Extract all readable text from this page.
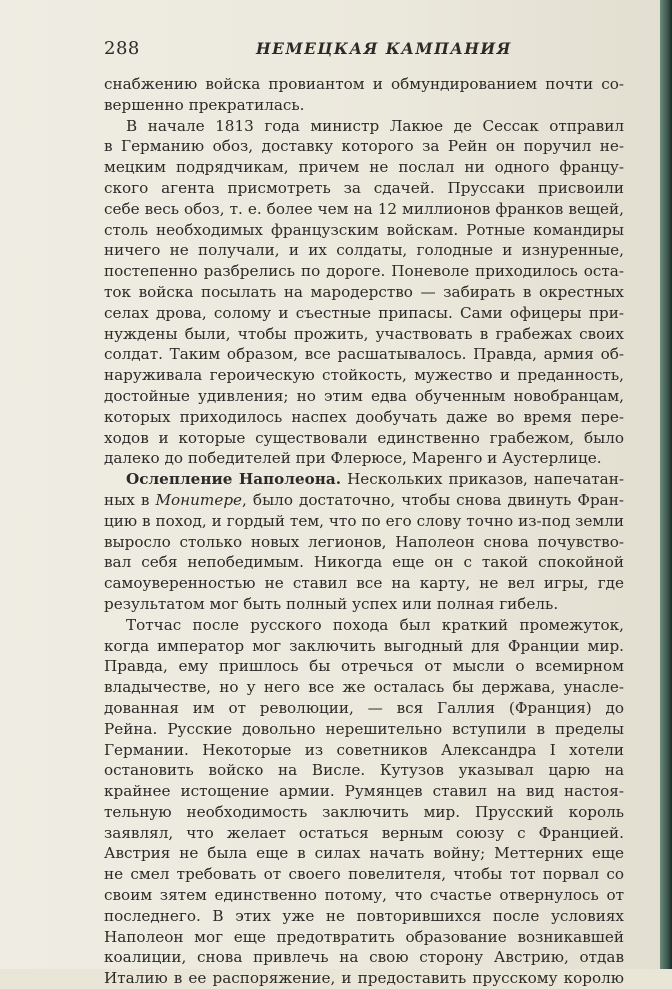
288	НЕМЕЦКАЯ КАМПАНИЯ
снабжению войска провиантом и обмундированием почти со-
вершенно прекратилась.
В начале 1813 года министр Лакюе де Сессак отправил
в Германию обоз, доставку которого за Рейн он поручил не-
мецким подрядчикам, причем не послал ни одного францу-
ского агента присмотреть за сдачей. Пруссаки присвоили
себе весь обоз, т. е. более чем на 12 миллионов франков вещей,
столь необходимых французским войскам. Ротные командиры
ничего не получали, и их солдаты, голодные и изнуренные,
постепенно разбрелись по дороге. Поневоле приходилось оста-
ток войска посылать на мародерство — забирать в окрестных
селах дрова, солому и съестные припасы. Сами офицеры при-
нуждены были, чтобы прожить, участвовать в грабежах своих
солдат. Таким образом, все расшатывалось. Правда, армия об-
наруживала героическую стойкость, мужество и преданность,
достойные удивления; но этим едва обученным новобранцам,
которых приходилось наспех дообучать даже во время пере-
ходов и которые существовали единственно грабежом, было
далеко до победителей при Флерюсе, Маренго и Аустерлице.
Ослепление Наполеона. Нескольких приказов, напечатан-
ных в Монитере, было достаточно, чтобы снова двинуть Фран-
цию в поход, и гордый тем, что по его слову точно из-под земли
выросло столько новых легионов, Наполеон снова почувство-
вал себя непобедимым. Никогда еще он с такой спокойной
самоуверенностью не ставил все на карту, не вел игры, где
результатом мог быть полный успех или полная гибель.
Тотчас после русского похода был краткий промежуток,
когда император мог заключить выгодный для Франции мир.
Правда, ему пришлось бы отречься от мысли о всемирном
владычестве, но у него все же осталась бы держава, унасле-
дованная им от революции, — вся Галлия (Франция) до
Рейна. Русские довольно нерешительно вступили в пределы
Германии. Некоторые из советников Александра I хотели
остановить войско на Висле. Кутузов указывал царю на
крайнее истощение армии. Румянцев ставил на вид настоя-
тельную необходимость заключить мир. Прусский король
заявлял, что желает остаться верным союзу с Францией.
Австрия не была еще в силах начать войну; Меттерних еще
не смел требовать от своего повелителя, чтобы тот порвал со
своим зятем единственно потому, что счастье отвернулось от
последнего. В этих уже не повторившихся после условиях
Наполеон мог еще предотвратить образование возникавшей
коалиции, снова привлечь на свою сторону Австрию, отдав
Италию в ее распоряжение, и предоставить прусскому королю
